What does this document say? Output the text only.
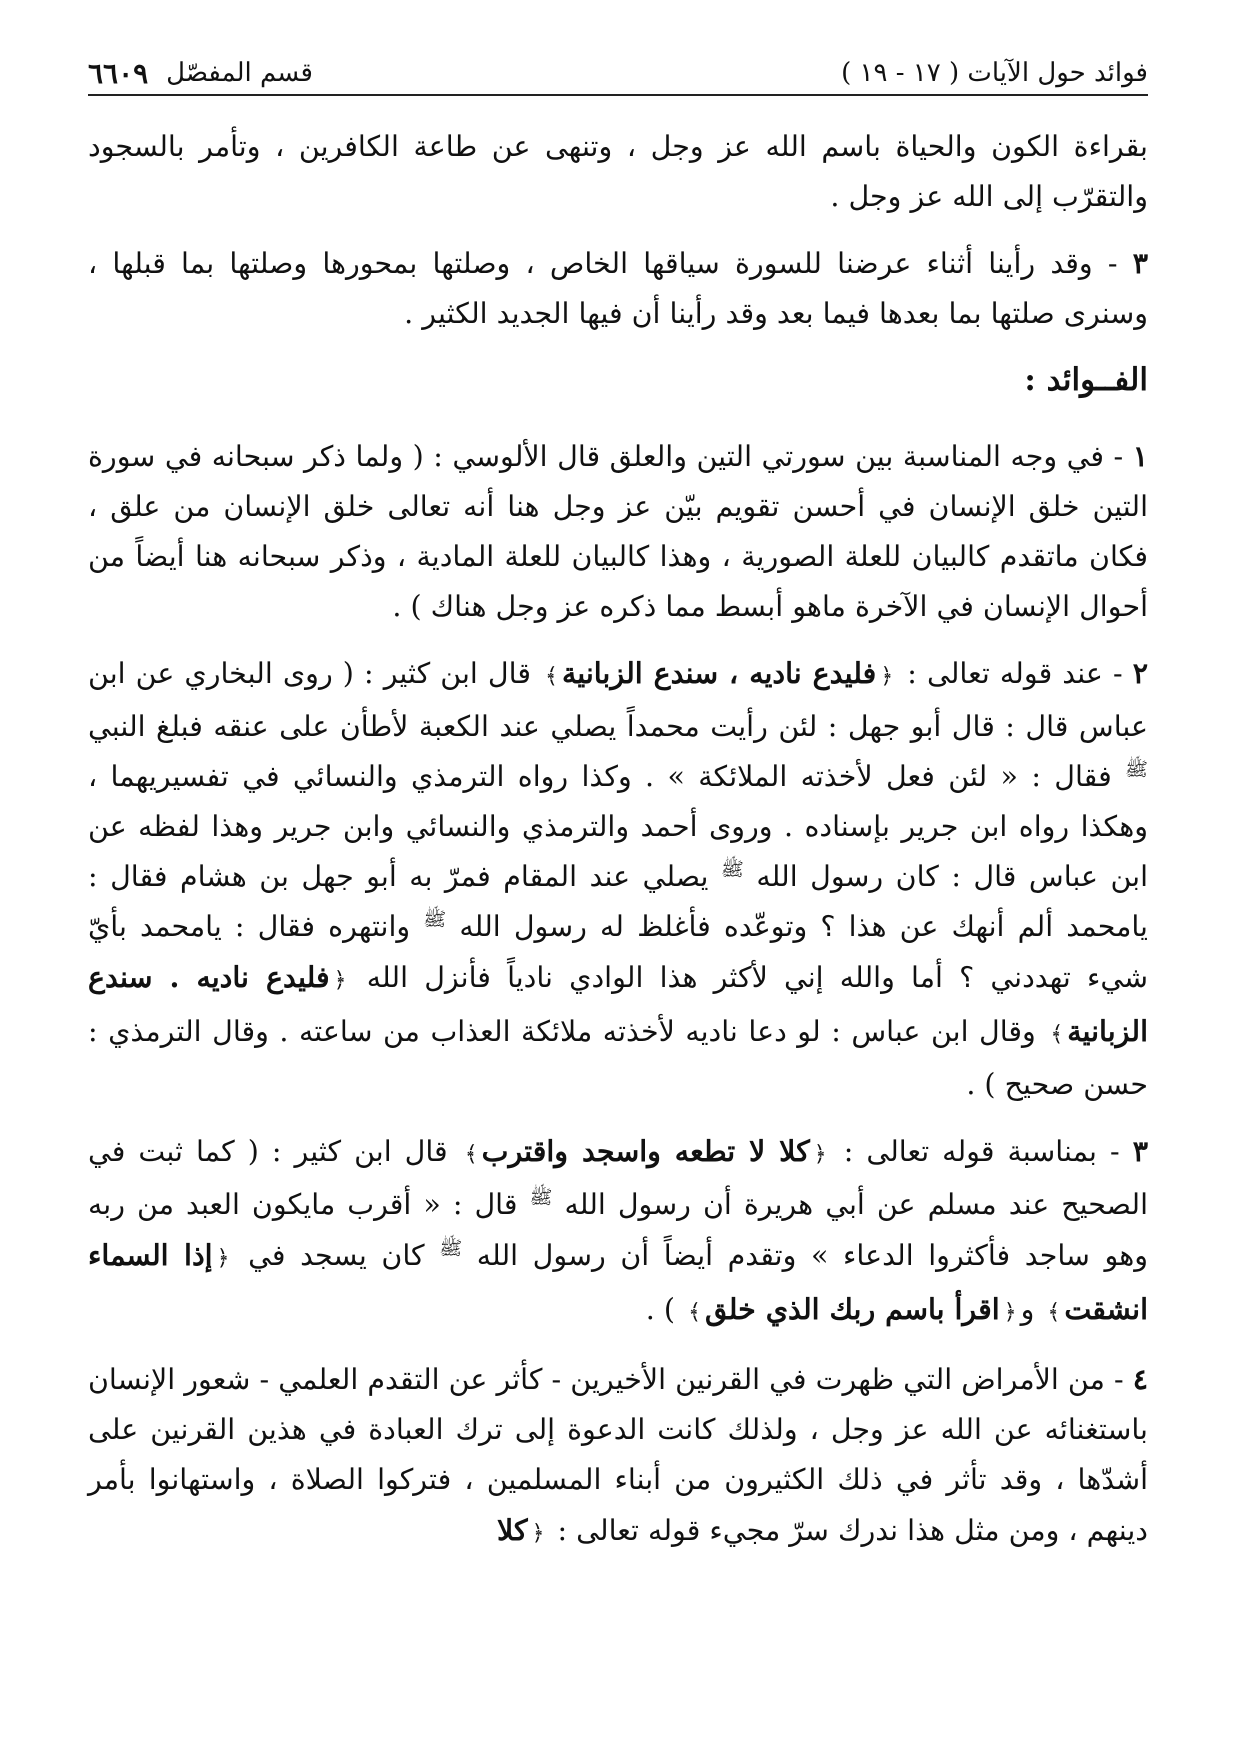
فوائد حول الآيات ( ١٧ - ١٩ )
قسم المفصّل
٦٦٠٩

بقراءة الكون والحياة باسم الله عز وجل ، وتنهى عن طاعة الكافرين ، وتأمر بالسجود والتقرّب إلى الله عز وجل .

٣ - وقد رأينا أثناء عرضنا للسورة سياقها الخاص ، وصلتها بمحورها وصلتها بما قبلها ، وسنرى صلتها بما بعدها فيما بعد وقد رأينا أن فيها الجديد الكثير .

الفــوائد :

١ - في وجه المناسبة بين سورتي التين والعلق قال الألوسي : ( ولما ذكر سبحانه في سورة التين خلق الإنسان في أحسن تقويم بيّن عز وجل هنا أنه تعالى خلق الإنسان من علق ، فكان ماتقدم كالبيان للعلة الصورية ، وهذا كالبيان للعلة المادية ، وذكر سبحانه هنا أيضاً من أحوال الإنسان في الآخرة ماهو أبسط مما ذكره عز وجل هناك ) .

٢ - عند قوله تعالى : ﴿فليدع ناديه ، سندع الزبانية﴾ قال ابن كثير : ( روى البخاري عن ابن عباس قال : قال أبو جهل : لئن رأيت محمداً يصلي عند الكعبة لأطأن على عنقه فبلغ النبي $^ﷺ$ فقال : « لئن فعل لأخذته الملائكة » . وكذا رواه الترمذي والنسائي في تفسيريهما ، وهكذا رواه ابن جرير بإسناده . وروى أحمد والترمذي والنسائي وابن جرير وهذا لفظه عن ابن عباس قال : كان رسول الله $^ﷺ$ يصلي عند المقام فمرّ به أبو جهل بن هشام فقال : يامحمد ألم أنهك عن هذا ؟ وتوعّده فأغلظ له رسول الله $^ﷺ$ وانتهره فقال : يامحمد بأيّ شيء تهددني ؟ أما والله إني لأكثر هذا الوادي نادياً فأنزل الله ﴿فليدع ناديه . سندع الزبانية﴾ وقال ابن عباس : لو دعا ناديه لأخذته ملائكة العذاب من ساعته . وقال الترمذي : حسن صحيح ) .

٣ - بمناسبة قوله تعالى : ﴿كلا لا تطعه واسجد واقترب﴾ قال ابن كثير : ( كما ثبت في الصحيح عند مسلم عن أبي هريرة أن رسول الله $^ﷺ$ قال : « أقرب مايكون العبد من ربه وهو ساجد فأكثروا الدعاء » وتقدم أيضاً أن رسول الله $^ﷺ$ كان يسجد في ﴿إذا السماء انشقت﴾ و﴿اقرأ باسم ربك الذي خلق﴾ ) .

٤ - من الأمراض التي ظهرت في القرنين الأخيرين - كأثر عن التقدم العلمي - شعور الإنسان باستغنائه عن الله عز وجل ، ولذلك كانت الدعوة إلى ترك العبادة في هذين القرنين على أشدّها ، وقد تأثر في ذلك الكثيرون من أبناء المسلمين ، فتركوا الصلاة ، واستهانوا بأمر دينهم ، ومن مثل هذا ندرك سرّ مجيء قوله تعالى : ﴿كلا
